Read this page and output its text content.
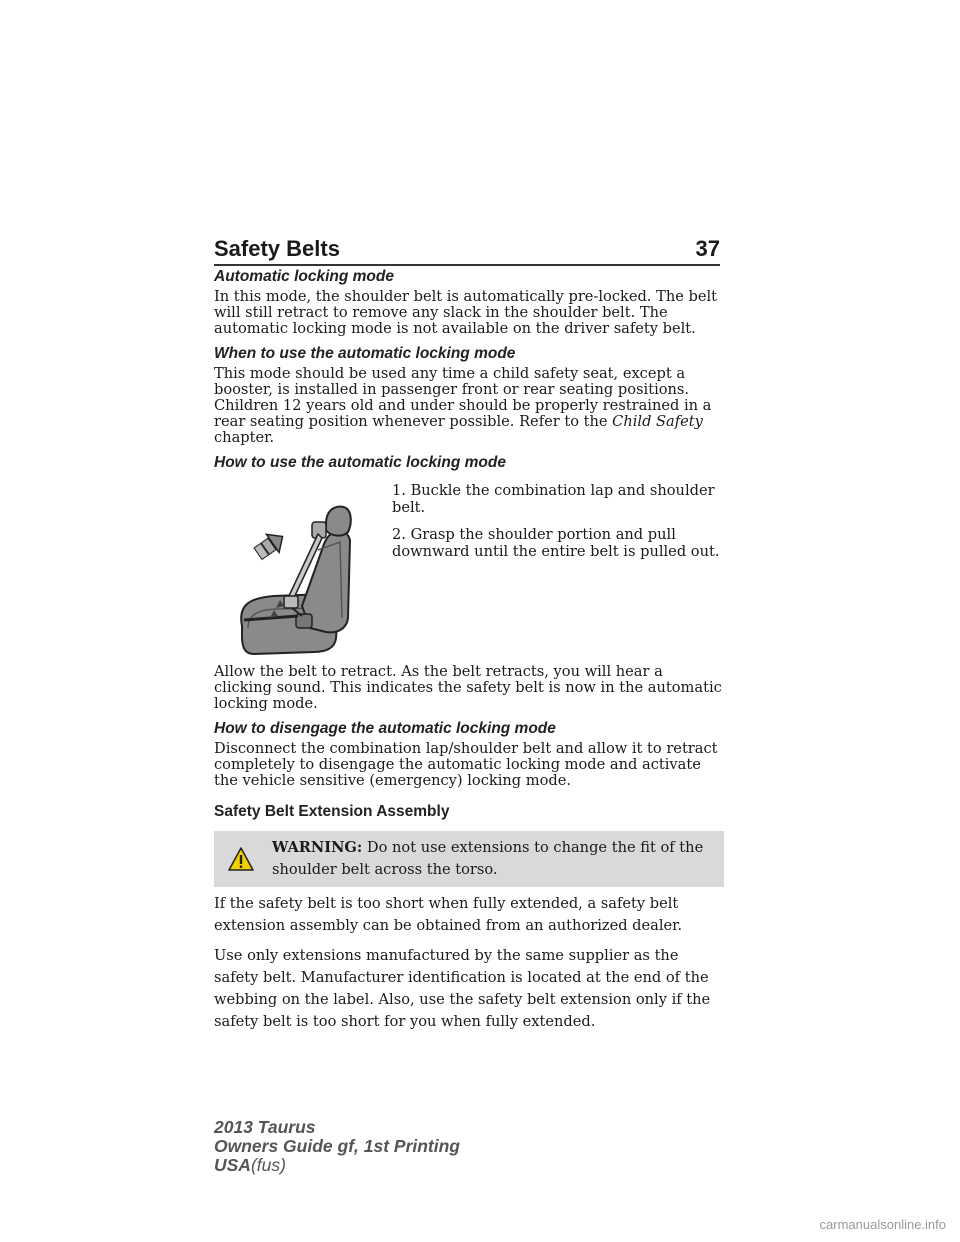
Safety Belts	37
Automatic locking mode

In this mode, the shoulder belt is automatically pre-locked. The belt will still retract to remove any slack in the shoulder belt. The automatic locking mode is not available on the driver safety belt.

When to use the automatic locking mode

This mode should be used any time a child safety seat, except a booster, is installed in passenger front or rear seating positions. Children 12 years old and under should be properly restrained in a rear seating position whenever possible. Refer to the Child Safety chapter.

How to use the automatic locking mode

1. Buckle the combination lap and shoulder belt.

2. Grasp the shoulder portion and pull downward until the entire belt is pulled out.

Allow the belt to retract. As the belt retracts, you will hear a clicking sound. This indicates the safety belt is now in the automatic locking mode.

How to disengage the automatic locking mode

Disconnect the combination lap/shoulder belt and allow it to retract completely to disengage the automatic locking mode and activate the vehicle sensitive (emergency) locking mode.

Safety Belt Extension Assembly
WARNING: Do not use extensions to change the fit of the shoulder belt across the torso.

If the safety belt is too short when fully extended, a safety belt extension assembly can be obtained from an authorized dealer.

Use only extensions manufactured by the same supplier as the safety belt. Manufacturer identification is located at the end of the webbing on the label. Also, use the safety belt extension only if the safety belt is too short for you when fully extended.

2013 Taurus
Owners Guide gf, 1st Printing
USA(fus)
carmanualsonline.info
